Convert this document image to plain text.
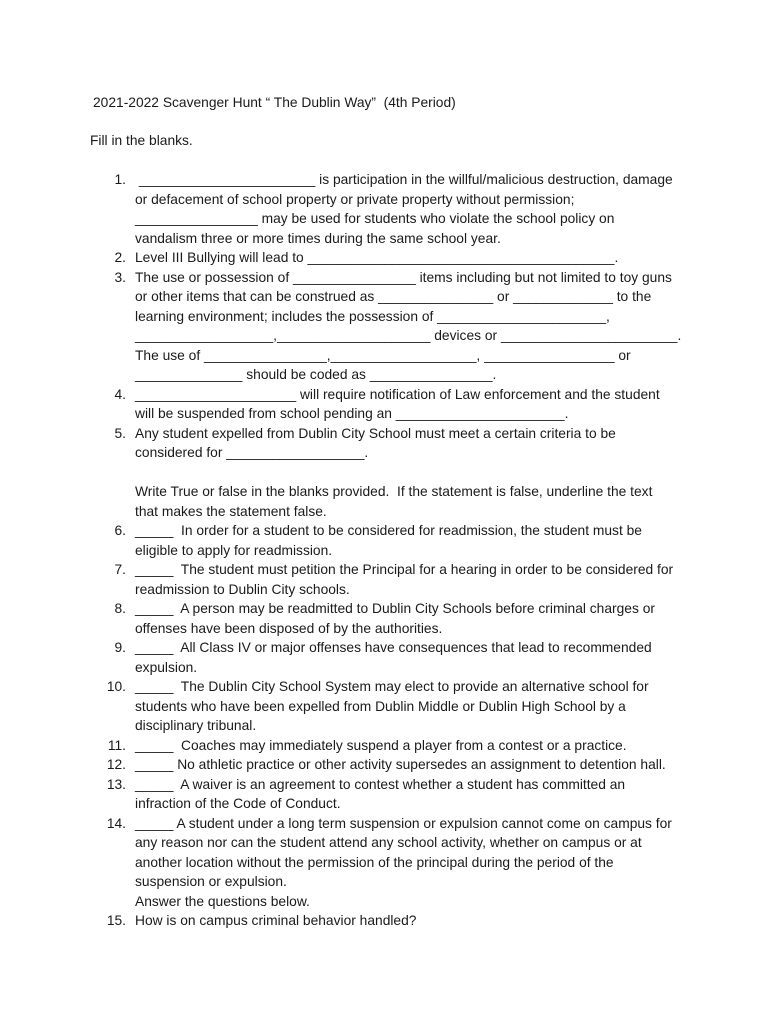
2021-2022 Scavenger Hunt “ The Dublin Way”  (4th Period)
Fill in the blanks.
1. _______________________ is participation in the willful/malicious destruction, damage
or defacement of school property or private property without permission;
________________ may be used for students who violate the school policy on
vandalism three or more times during the same school year.
2. Level III Bullying will lead to ________________________________________.
3. The use or possession of ________________ items including but not limited to toy guns
or other items that can be construed as _______________ or _____________ to the
learning environment; includes the possession of ______________________,
__________________,____________________ devices or _______________________.
The use of ________________,___________________, _________________ or
______________ should be coded as ________________.
4. _____________________ will require notification of Law enforcement and the student
will be suspended from school pending an ______________________.
5. Any student expelled from Dublin City School must meet a certain criteria to be
considered for __________________.
Write True or false in the blanks provided.  If the statement is false, underline the text
that makes the statement false.
6. _____  In order for a student to be considered for readmission, the student must be
eligible to apply for readmission.
7. _____  The student must petition the Principal for a hearing in order to be considered for
readmission to Dublin City schools.
8. _____  A person may be readmitted to Dublin City Schools before criminal charges or
offenses have been disposed of by the authorities.
9. _____  All Class IV or major offenses have consequences that lead to recommended
expulsion.
10. _____  The Dublin City School System may elect to provide an alternative school for
students who have been expelled from Dublin Middle or Dublin High School by a
disciplinary tribunal.
11. _____  Coaches may immediately suspend a player from a contest or a practice.
12. _____ No athletic practice or other activity supersedes an assignment to detention hall.
13. _____  A waiver is an agreement to contest whether a student has committed an
infraction of the Code of Conduct.
14. _____ A student under a long term suspension or expulsion cannot come on campus for
any reason nor can the student attend any school activity, whether on campus or at
another location without the permission of the principal during the period of the
suspension or expulsion.
Answer the questions below.
15. How is on campus criminal behavior handled?
